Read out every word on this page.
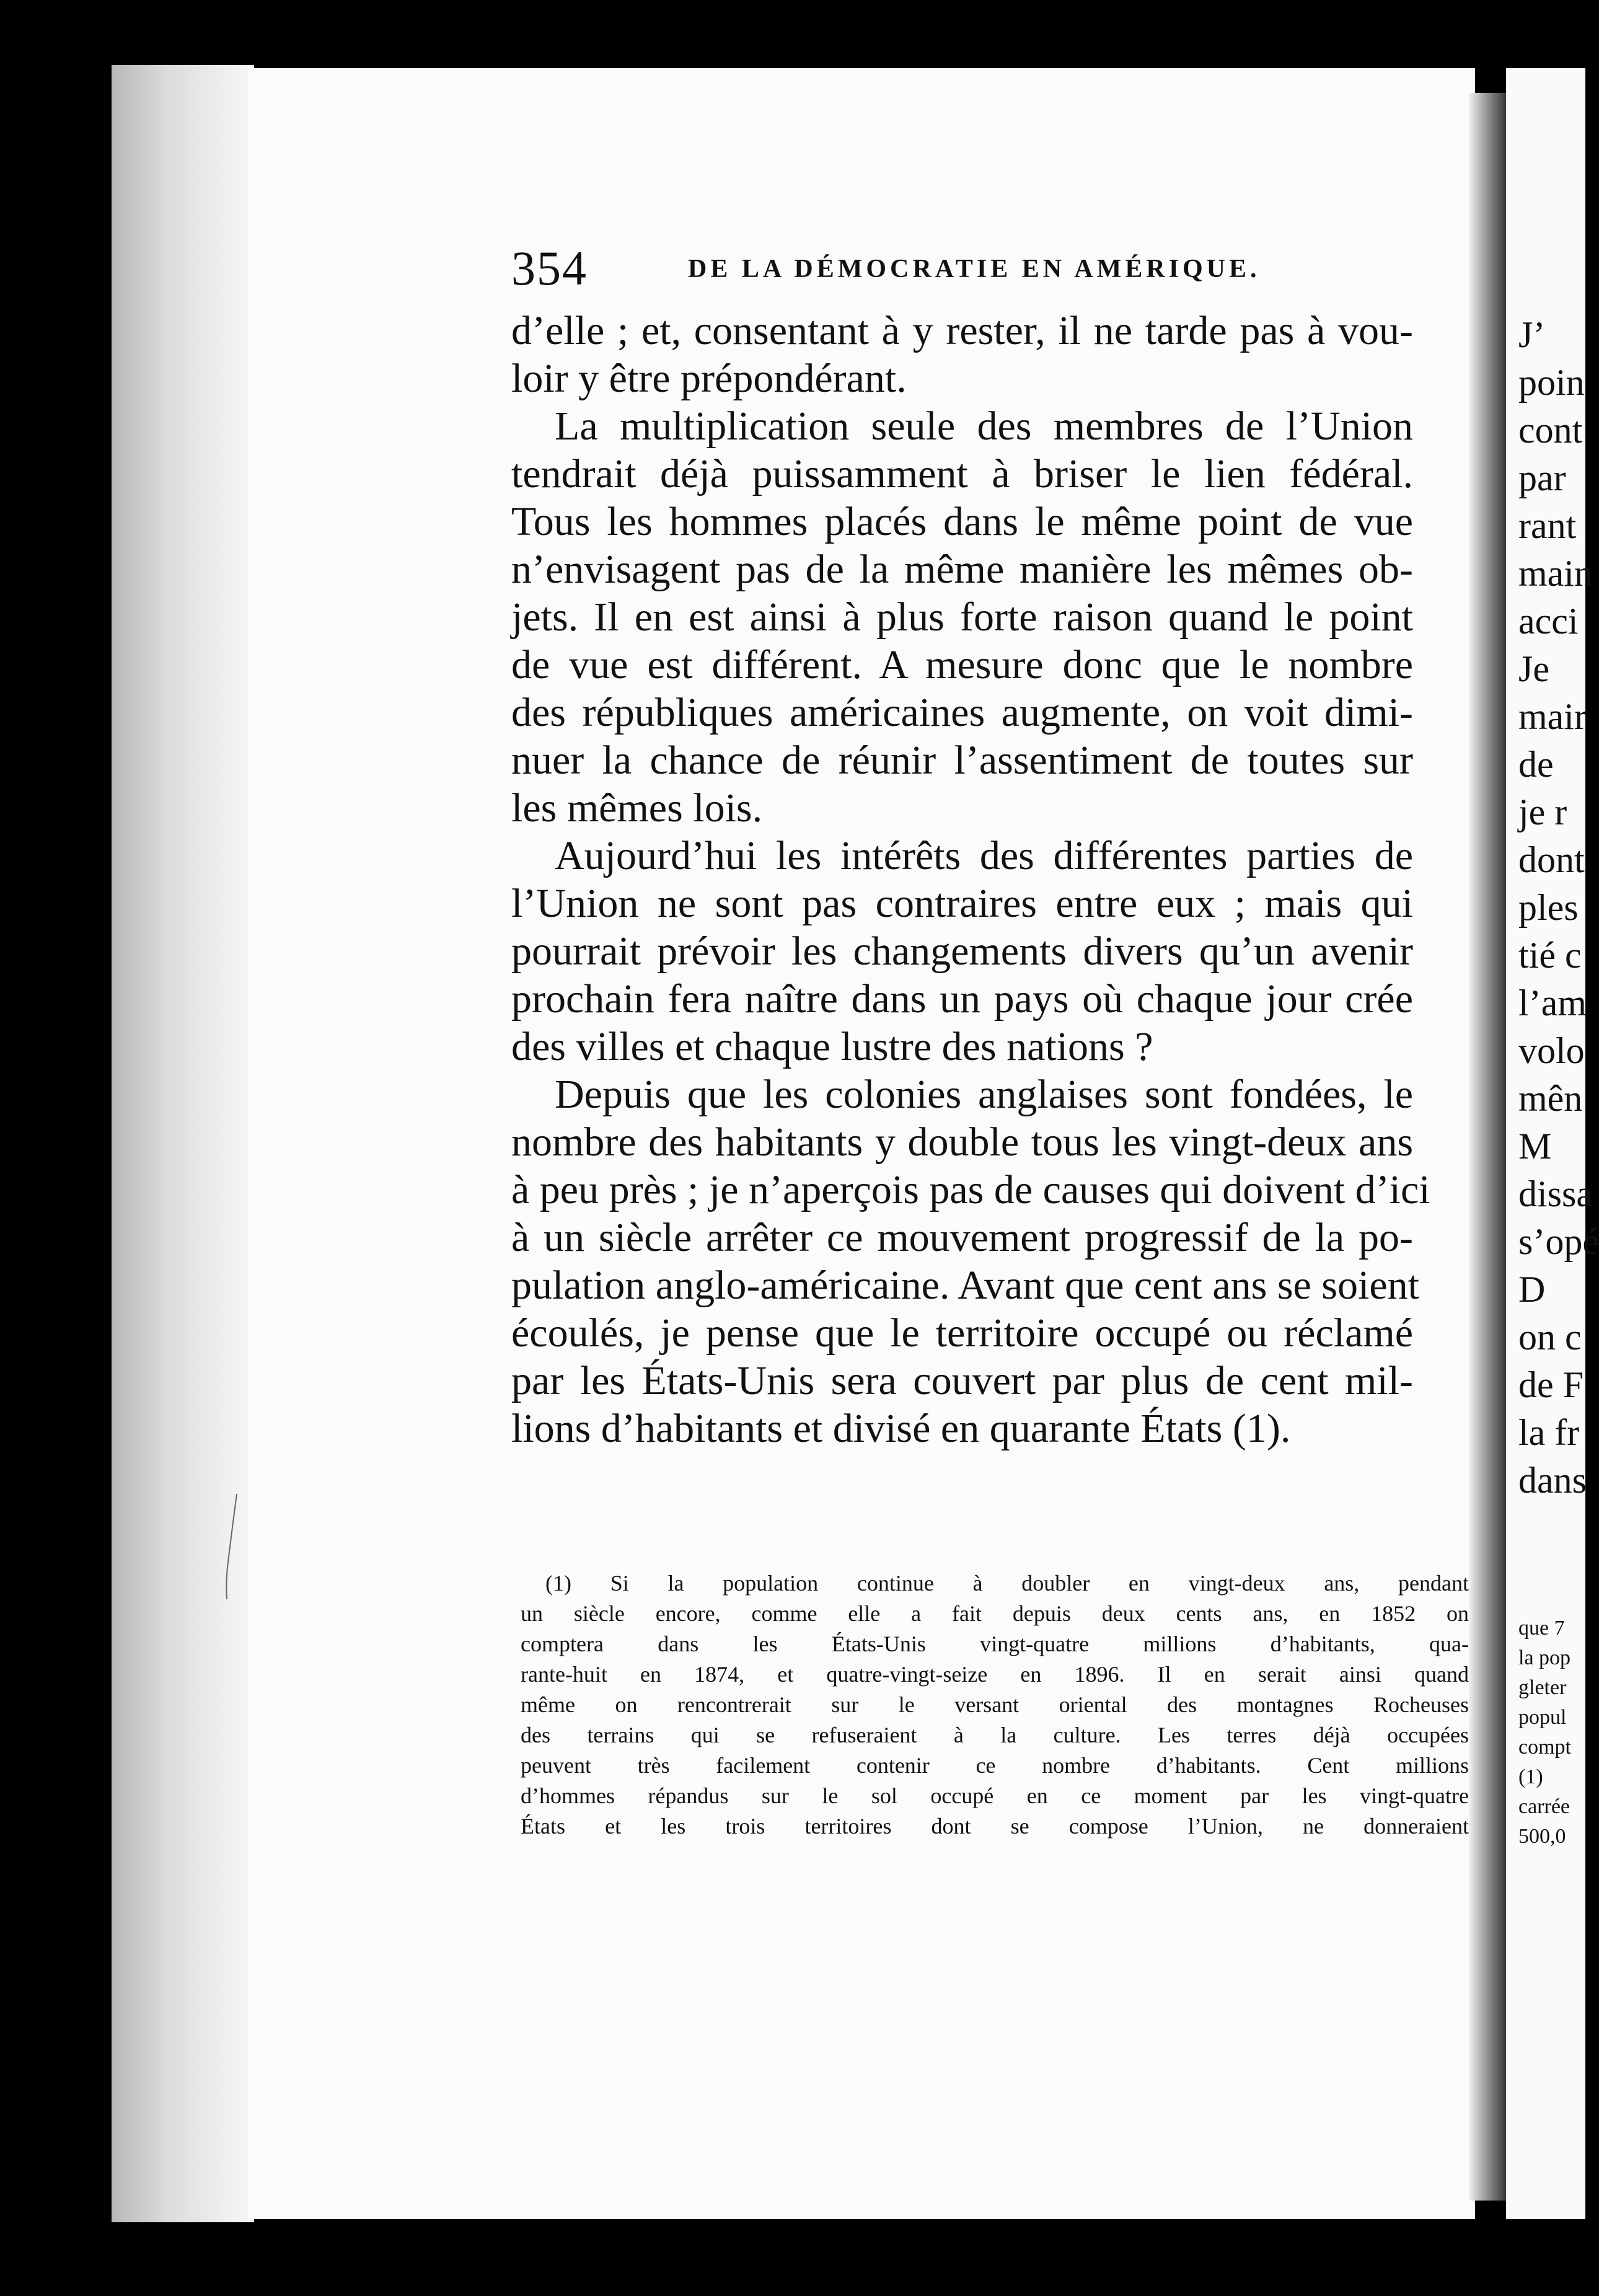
J’
poin
cont
par
rant
main
acci
Je
mair
de
je r
dont
ples
tié c
l’am
volo
mên
M
dissa
s’opé
D
on c
de F
la fr
dans
que 7
la pop
gleter
popul
compt
(1)
carrée
500,0
354	DE LA DÉMOCRATIE EN AMÉRIQUE.
d’elle ; et, consentant à y rester, il ne tarde pas à vou-
loir y être prépondérant.
La multiplication seule des membres de l’Union
tendrait déjà puissamment à briser le lien fédéral.
Tous les hommes placés dans le même point de vue
n’envisagent pas de la même manière les mêmes ob-
jets. Il en est ainsi à plus forte raison quand le point
de vue est différent. A mesure donc que le nombre
des républiques américaines augmente, on voit dimi-
nuer la chance de réunir l’assentiment de toutes sur
les mêmes lois.
Aujourd’hui les intérêts des différentes parties de
l’Union ne sont pas contraires entre eux ; mais qui
pourrait prévoir les changements divers qu’un avenir
prochain fera naître dans un pays où chaque jour crée
des villes et chaque lustre des nations ?
Depuis que les colonies anglaises sont fondées, le
nombre des habitants y double tous les vingt-deux ans
à peu près ; je n’aperçois pas de causes qui doivent d’ici
à un siècle arrêter ce mouvement progressif de la po-
pulation anglo-américaine. Avant que cent ans se soient
écoulés, je pense que le territoire occupé ou réclamé
par les États-Unis sera couvert par plus de cent mil-
lions d’habitants et divisé en quarante États (1).
(1) Si la population continue à doubler en vingt-deux ans, pendant
un siècle encore, comme elle a fait depuis deux cents ans, en 1852 on
comptera dans les États-Unis vingt-quatre millions d’habitants, qua-
rante-huit en 1874, et quatre-vingt-seize en 1896. Il en serait ainsi quand
même on rencontrerait sur le versant oriental des montagnes Rocheuses
des terrains qui se refuseraient à la culture. Les terres déjà occupées
peuvent très facilement contenir ce nombre d’habitants. Cent millions
d’hommes répandus sur le sol occupé en ce moment par les vingt-quatre
États et les trois territoires dont se compose l’Union, ne donneraient
